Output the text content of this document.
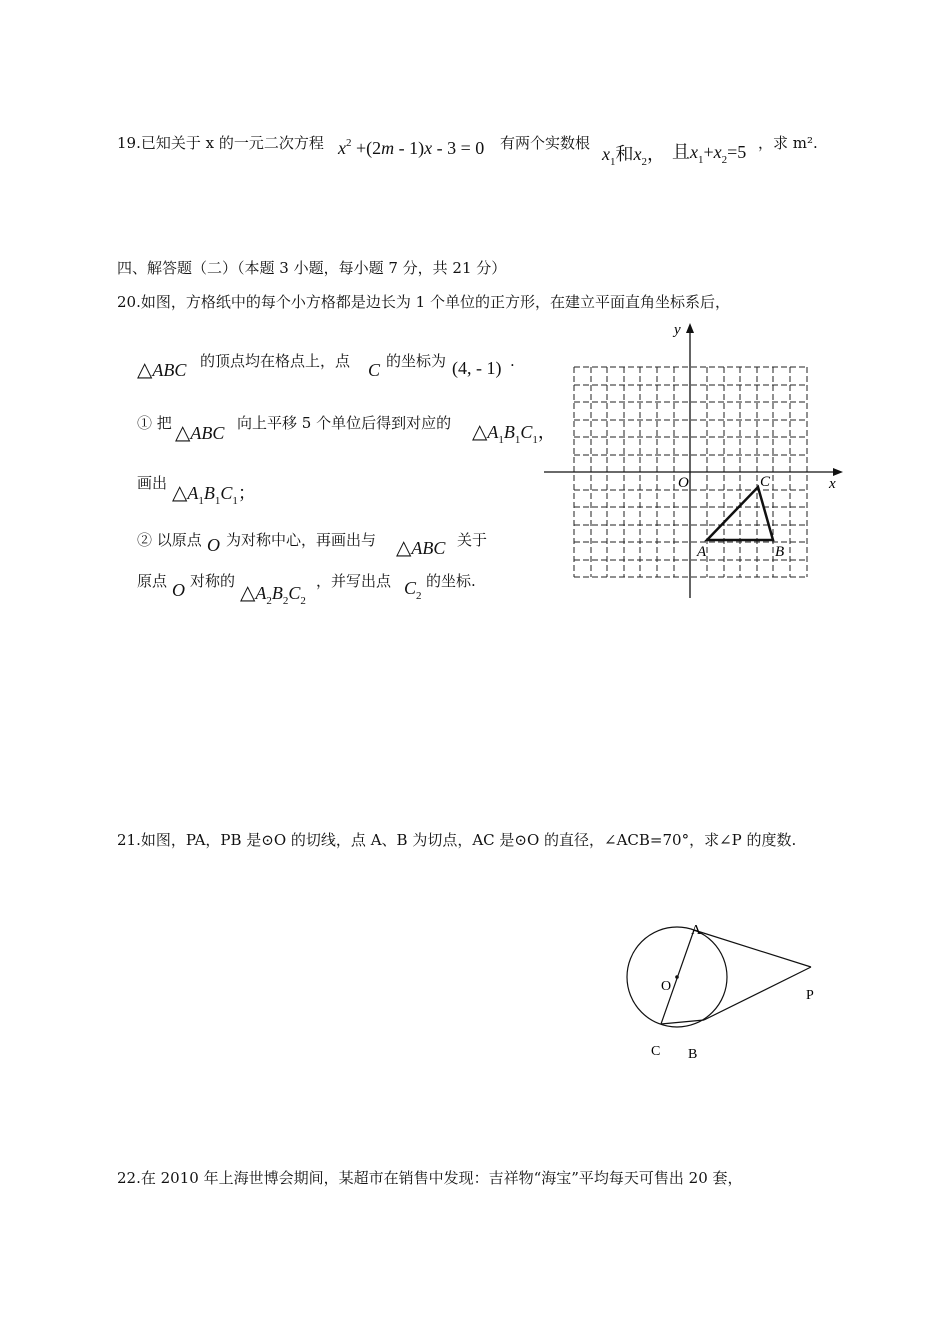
19.已知关于 x 的一元二次方程 $x^2 +(2m - 1)x - 3 = 0$ 有两个实数根
$x_1$和$x_2$， 且$x_1+x_2=5$ ，求 m².
四、解答题（二）（本题 3 小题，每小题 7 分，共 21 分）
20.如图，方格纸中的每个小方格都是边长为 1 个单位的正方形，在建立平面直角坐标系后，
△ABC 的顶点均在格点上，点 C 的坐标为 (4, - 1) .
① 把 △ABC 向上平移 5 个单位后得到对应的 $\triangle A_1B_1C_1$，
画出 $\triangle A_1B_1C_1$；
② 以原点 O 为对称中心，再画出与 △ABC 关于
原点 O 对称的
$\triangle A_2B_2C_2$
，并写出点 $C_2$
的坐标.
y
x
O
A	B
C
21.如图，PA，PB 是⊙O 的切线，点 A、B 为切点，AC 是⊙O 的直径，∠ACB=70°，求∠P 的度数.
A
O
P
C B
22.在 2010 年上海世博会期间，某超市在销售中发现：吉祥物“海宝”平均每天可售出 20 套，
